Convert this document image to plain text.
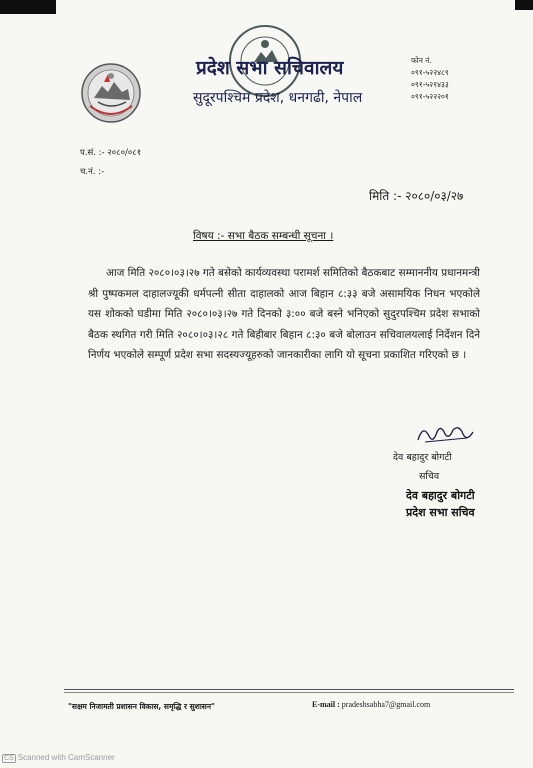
प्रदेश सभा सचिवालय
सुदूरपश्चिम प्रदेश, धनगढी, नेपाल
फोन नं.
०९१-५२२४८९
०९१-५२१४३३
०९१-५२२२०१
प.सं. :- २०८०/०८१
च.नं. :-
मिति :- २०८०/०३/२७
विषय :- सभा बैठक सम्बन्धी सूचना ।
आज मिति २०८०।०३।२७ गते बसेको कार्यव्यवस्था परामर्श समितिको बैठकबाट सम्माननीय प्रधानमन्त्री श्री पुष्पकमल दाहालज्यूकी धर्मपत्नी सीता दाहालको आज बिहान ८:३३ बजे असामयिक निधन भएकोले यस शोकको घडीमा मिति २०८०।०३।२७ गते दिनको ३:०० बजे बस्ने भनिएको सुदुरपश्चिम प्रदेश सभाको बैठक स्थगित गरी मिति २०८०।०३।२८ गते बिहीबार बिहान ८:३० बजे बोलाउन सचिवालयलाई निर्देशन दिने निर्णय भएकोले सम्पूर्ण प्रदेश सभा सदस्यज्यूहरुको जानकारीका लागि यो सूचना प्रकाशित गरिएको छ ।
देव बहादुर बोगटी
सचिव
देव बहादुर बोगटी
प्रदेश सभा सचिव
"सक्षम निजामती प्रशासन विकास, समृद्धि र सुशासन"	E-mail : pradeshsabha7@gmail.com
CS Scanned with CamScanner
